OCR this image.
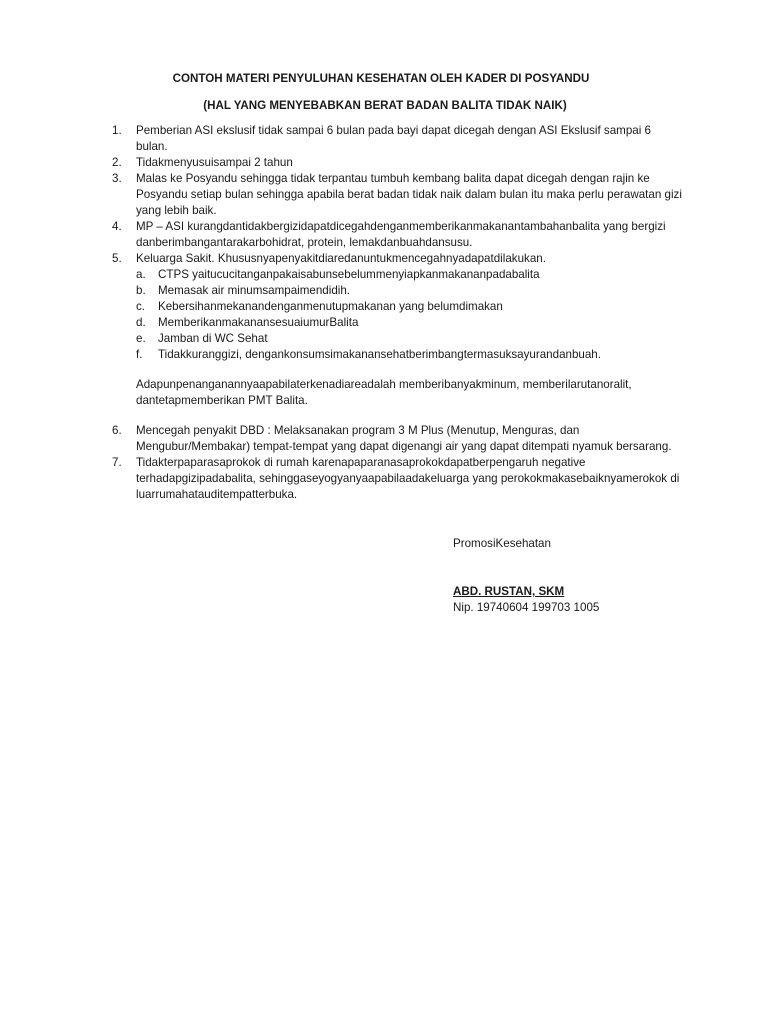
CONTOH MATERI PENYULUHAN KESEHATAN OLEH KADER DI POSYANDU
(HAL YANG MENYEBABKAN BERAT BADAN BALITA TIDAK NAIK)
1.	Pemberian ASI ekslusif tidak sampai 6 bulan pada bayi dapat dicegah dengan ASI Ekslusif sampai 6 bulan.
2.	Tidakmenyusuisampai 2 tahun
3.	Malas ke Posyandu sehingga tidak terpantau tumbuh kembang balita dapat dicegah dengan rajin ke Posyandu setiap bulan sehingga apabila berat badan tidak naik dalam bulan itu maka perlu perawatan gizi yang lebih baik.
4.	MP – ASI kurangdantidakbergizidapatdicegahdenganmemberikanmakanantambahanbalita yang bergizi danberimbangantarakarbohidrat, protein, lemakdanbuahdansusu.
5.	Keluarga Sakit. Khususnyapenyakitdiaredanuntukmencegahnyadapatdilakukan.
a.	CTPS yaitucucitanganpakaisabunsebelummenyiapkanmakananpadabalita
b.	Memasak air minumsampaimendidih.
c.	Kebersihanmekanandenganmenutupmakanan yang belumdimakan
d.	MemberikanmakanansesuaiumurBalita
e.	Jamban di WC Sehat
f.	Tidakkuranggizi, dengankonsumsimakanansehatberimbangtermasuksayurandanbuah.
Adapunpenanganannyaapabilaterkenadiareadalah memberibanyakminum, memberilarutanoralit, dantetapmemberikan PMT Balita.
6.	Mencegah penyakit DBD : Melaksanakan program 3 M Plus (Menutup, Menguras, dan Mengubur/Membakar) tempat-tempat yang dapat digenangi air yang dapat ditempati nyamuk bersarang.
7.	Tidakterpaparasaprokok di rumah karenapaparanasaprokokdapatberpengaruh negative terhadapgizipadabalita, sehinggaseyogyanyaapabilaadakeluarga yang perokokmakasebaiknyamerokok di luarrumahatauditempatterbuka.
PromosiKesehatan
ABD. RUSTAN, SKM
Nip. 19740604 199703 1005
